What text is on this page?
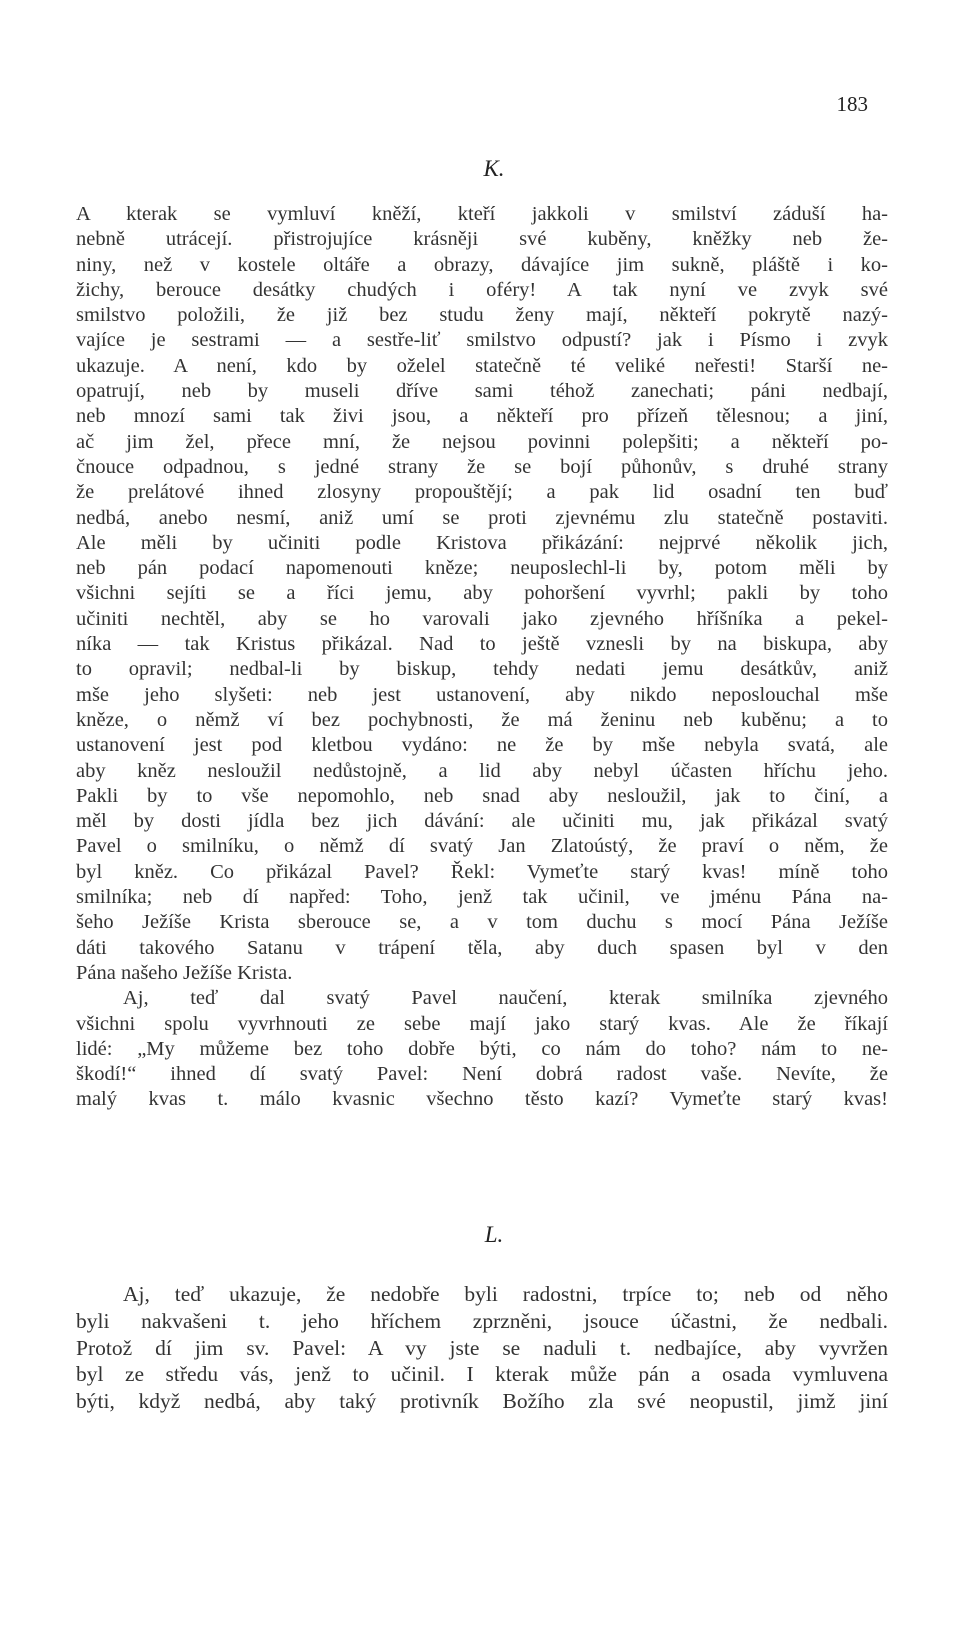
183
K.
A kterak se vymluví kněží, kteří jakkoli v smilství záduší ha-
nebně utrácejí. přistrojujíce krásněji své kuběny, kněžky neb že-
niny, než v kostele oltáře a obrazy, dávajíce jim sukně, pláště i ko-
žichy, berouce desátky chudých i oféry! A tak nyní ve zvyk své
smilstvo položili, že již bez studu ženy mají, někteří pokrytě nazý-
vajíce je sestrami — a sestře-liť smilstvo odpustí? jak i Písmo i zvyk
ukazuje. A není, kdo by oželel statečně té veliké neřesti! Starší ne-
opatrují, neb by museli dříve sami téhož zanechati; páni nedbají,
neb mnozí sami tak živi jsou, a někteří pro přízeň tělesnou; a jiní,
ač jim žel, přece mní, že nejsou povinni polepšiti; a někteří po-
čnouce odpadnou, s jedné strany že se bojí půhonův, s druhé strany
že prelátové ihned zlosyny propouštějí; a pak lid osadní ten buď
nedbá, anebo nesmí, aniž umí se proti zjevnému zlu statečně postaviti.
Ale měli by učiniti podle Kristova přikázání: nejprvé několik jich,
neb pán podací napomenouti kněze; neuposlechl-li by, potom měli by
všichni sejíti se a říci jemu, aby pohoršení vyvrhl; pakli by toho
učiniti nechtěl, aby se ho varovali jako zjevného hříšníka a pekel-
níka — tak Kristus přikázal. Nad to ještě vznesli by na biskupa, aby
to opravil; nedbal-li by biskup, tehdy nedati jemu desátkův, aniž
mše jeho slyšeti: neb jest ustanovení, aby nikdo neposlouchal mše
kněze, o němž ví bez pochybnosti, že má ženinu neb kuběnu; a to
ustanovení jest pod kletbou vydáno: ne že by mše nebyla svatá, ale
aby kněz nesloužil nedůstojně, a lid aby nebyl účasten hříchu jeho.
Pakli by to vše nepomohlo, neb snad aby nesloužil, jak to činí, a
měl by dosti jídla bez jich dávání: ale učiniti mu, jak přikázal svatý
Pavel o smilníku, o němž dí svatý Jan Zlatoústý, že praví o něm, že
byl kněz. Co přikázal Pavel? Řekl: Vymeťte starý kvas! míně toho
smilníka; neb dí napřed: Toho, jenž tak učinil, ve jménu Pána na-
šeho Ježíše Krista sberouce se, a v tom duchu s mocí Pána Ježíše
dáti takového Satanu v trápení těla, aby duch spasen byl v den
Pána našeho Ježíše Krista.
Aj, teď dal svatý Pavel naučení, kterak smilníka zjevného
všichni spolu vyvrhnouti ze sebe mají jako starý kvas. Ale že říkají
lidé: „My můžeme bez toho dobře býti, co nám do toho? nám to ne-
škodí!“ ihned dí svatý Pavel: Není dobrá radost vaše. Nevíte, že
malý kvas t. málo kvasnic všechno těsto kazí? Vymeťte starý kvas!
L.
Aj, teď ukazuje, že nedobře byli radostni, trpíce to; neb od něho
byli nakvašeni t. jeho hříchem zprzněni, jsouce účastni, že nedbali.
Protož dí jim sv. Pavel: A vy jste se naduli t. nedbajíce, aby vyvržen
byl ze středu vás, jenž to učinil. I kterak může pán a osada vymluvena
býti, když nedbá, aby taký protivník Božího zla své neopustil, jimž jiní
